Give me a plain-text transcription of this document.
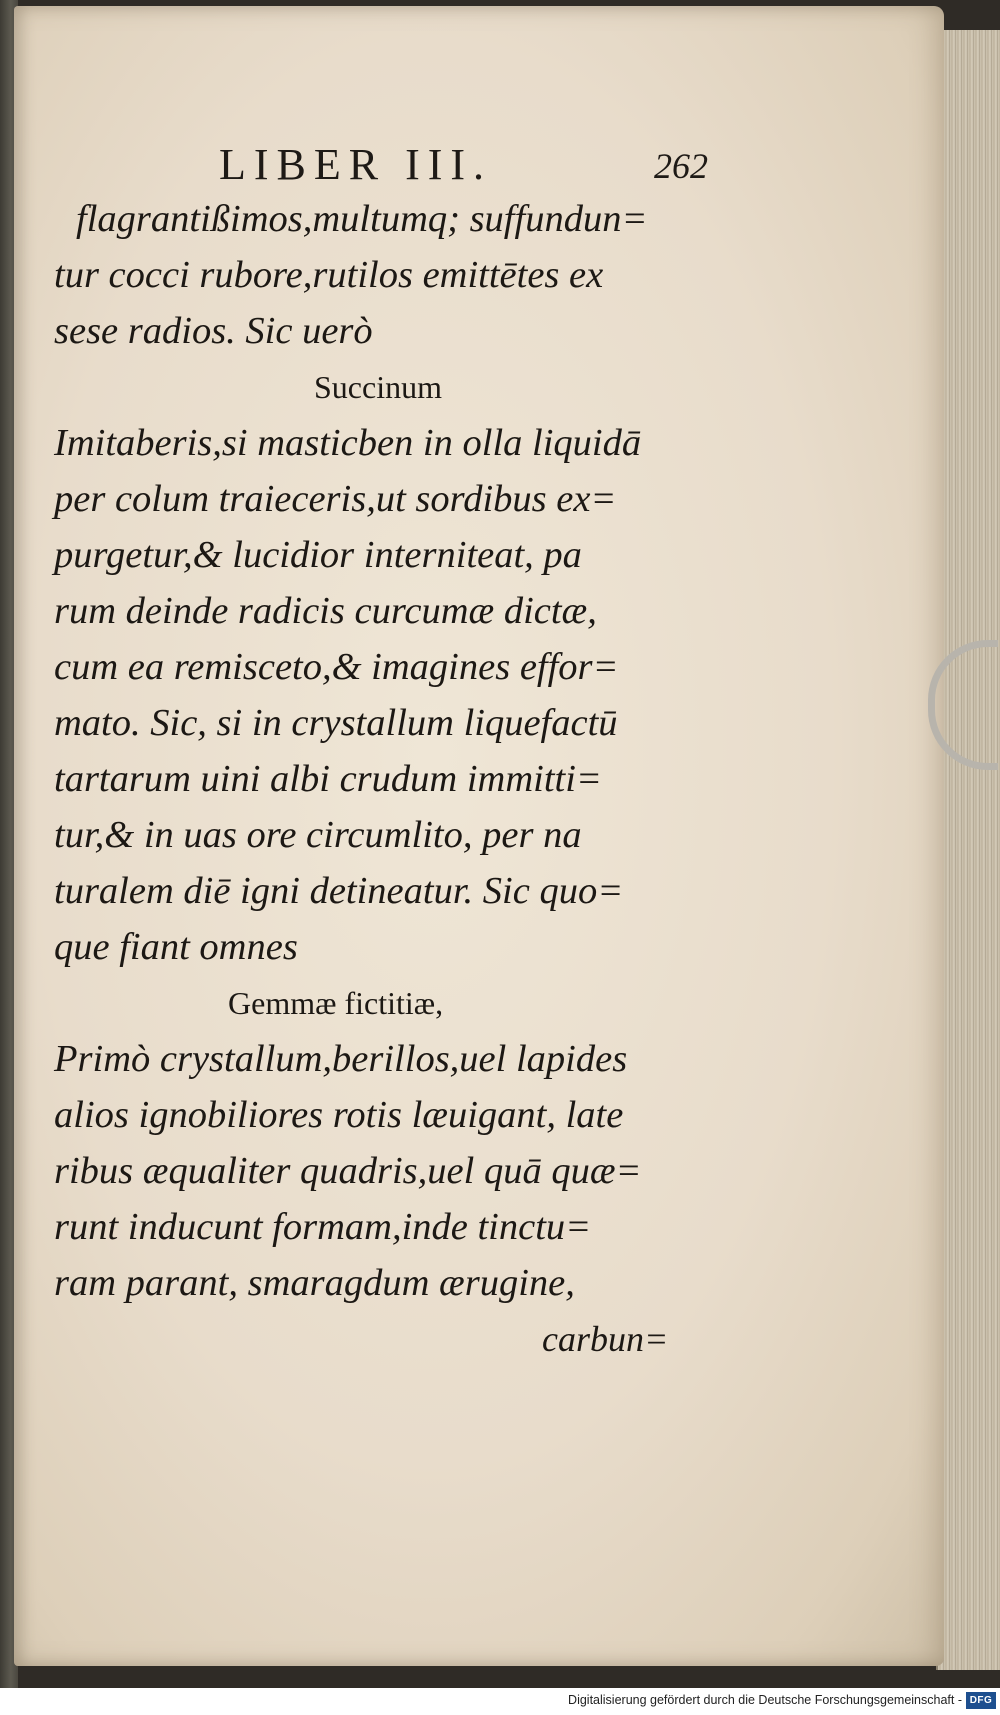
LIBER III.	262
flagrantißimos,multumq; suffundun=
tur cocci rubore,rutilos emittētes ex
sese radios. Sic uerò
Succinum
Imitaberis,si masticben in olla liquidā
per colum traieceris,ut sordibus ex=
purgetur,& lucidior interniteat, pa
rum deinde radicis curcumæ dictæ,
cum ea remisceto,& imagines effor=
mato. Sic, si in crystallum liquefactū
tartarum uini albi crudum immitti=
tur,& in uas ore circumlito, per na
turalem diē igni detineatur. Sic quo=
que fiant omnes
Gemmæ fictitiæ,
Primò crystallum,berillos,uel lapides
alios ignobiliores rotis læuigant, late
ribus æqualiter quadris,uel quā quæ=
runt inducunt formam,inde tinctu=
ram parant, smaragdum ærugine,
carbun=
Digitalisierung gefördert durch die Deutsche Forschungsgemeinschaft - DFG
